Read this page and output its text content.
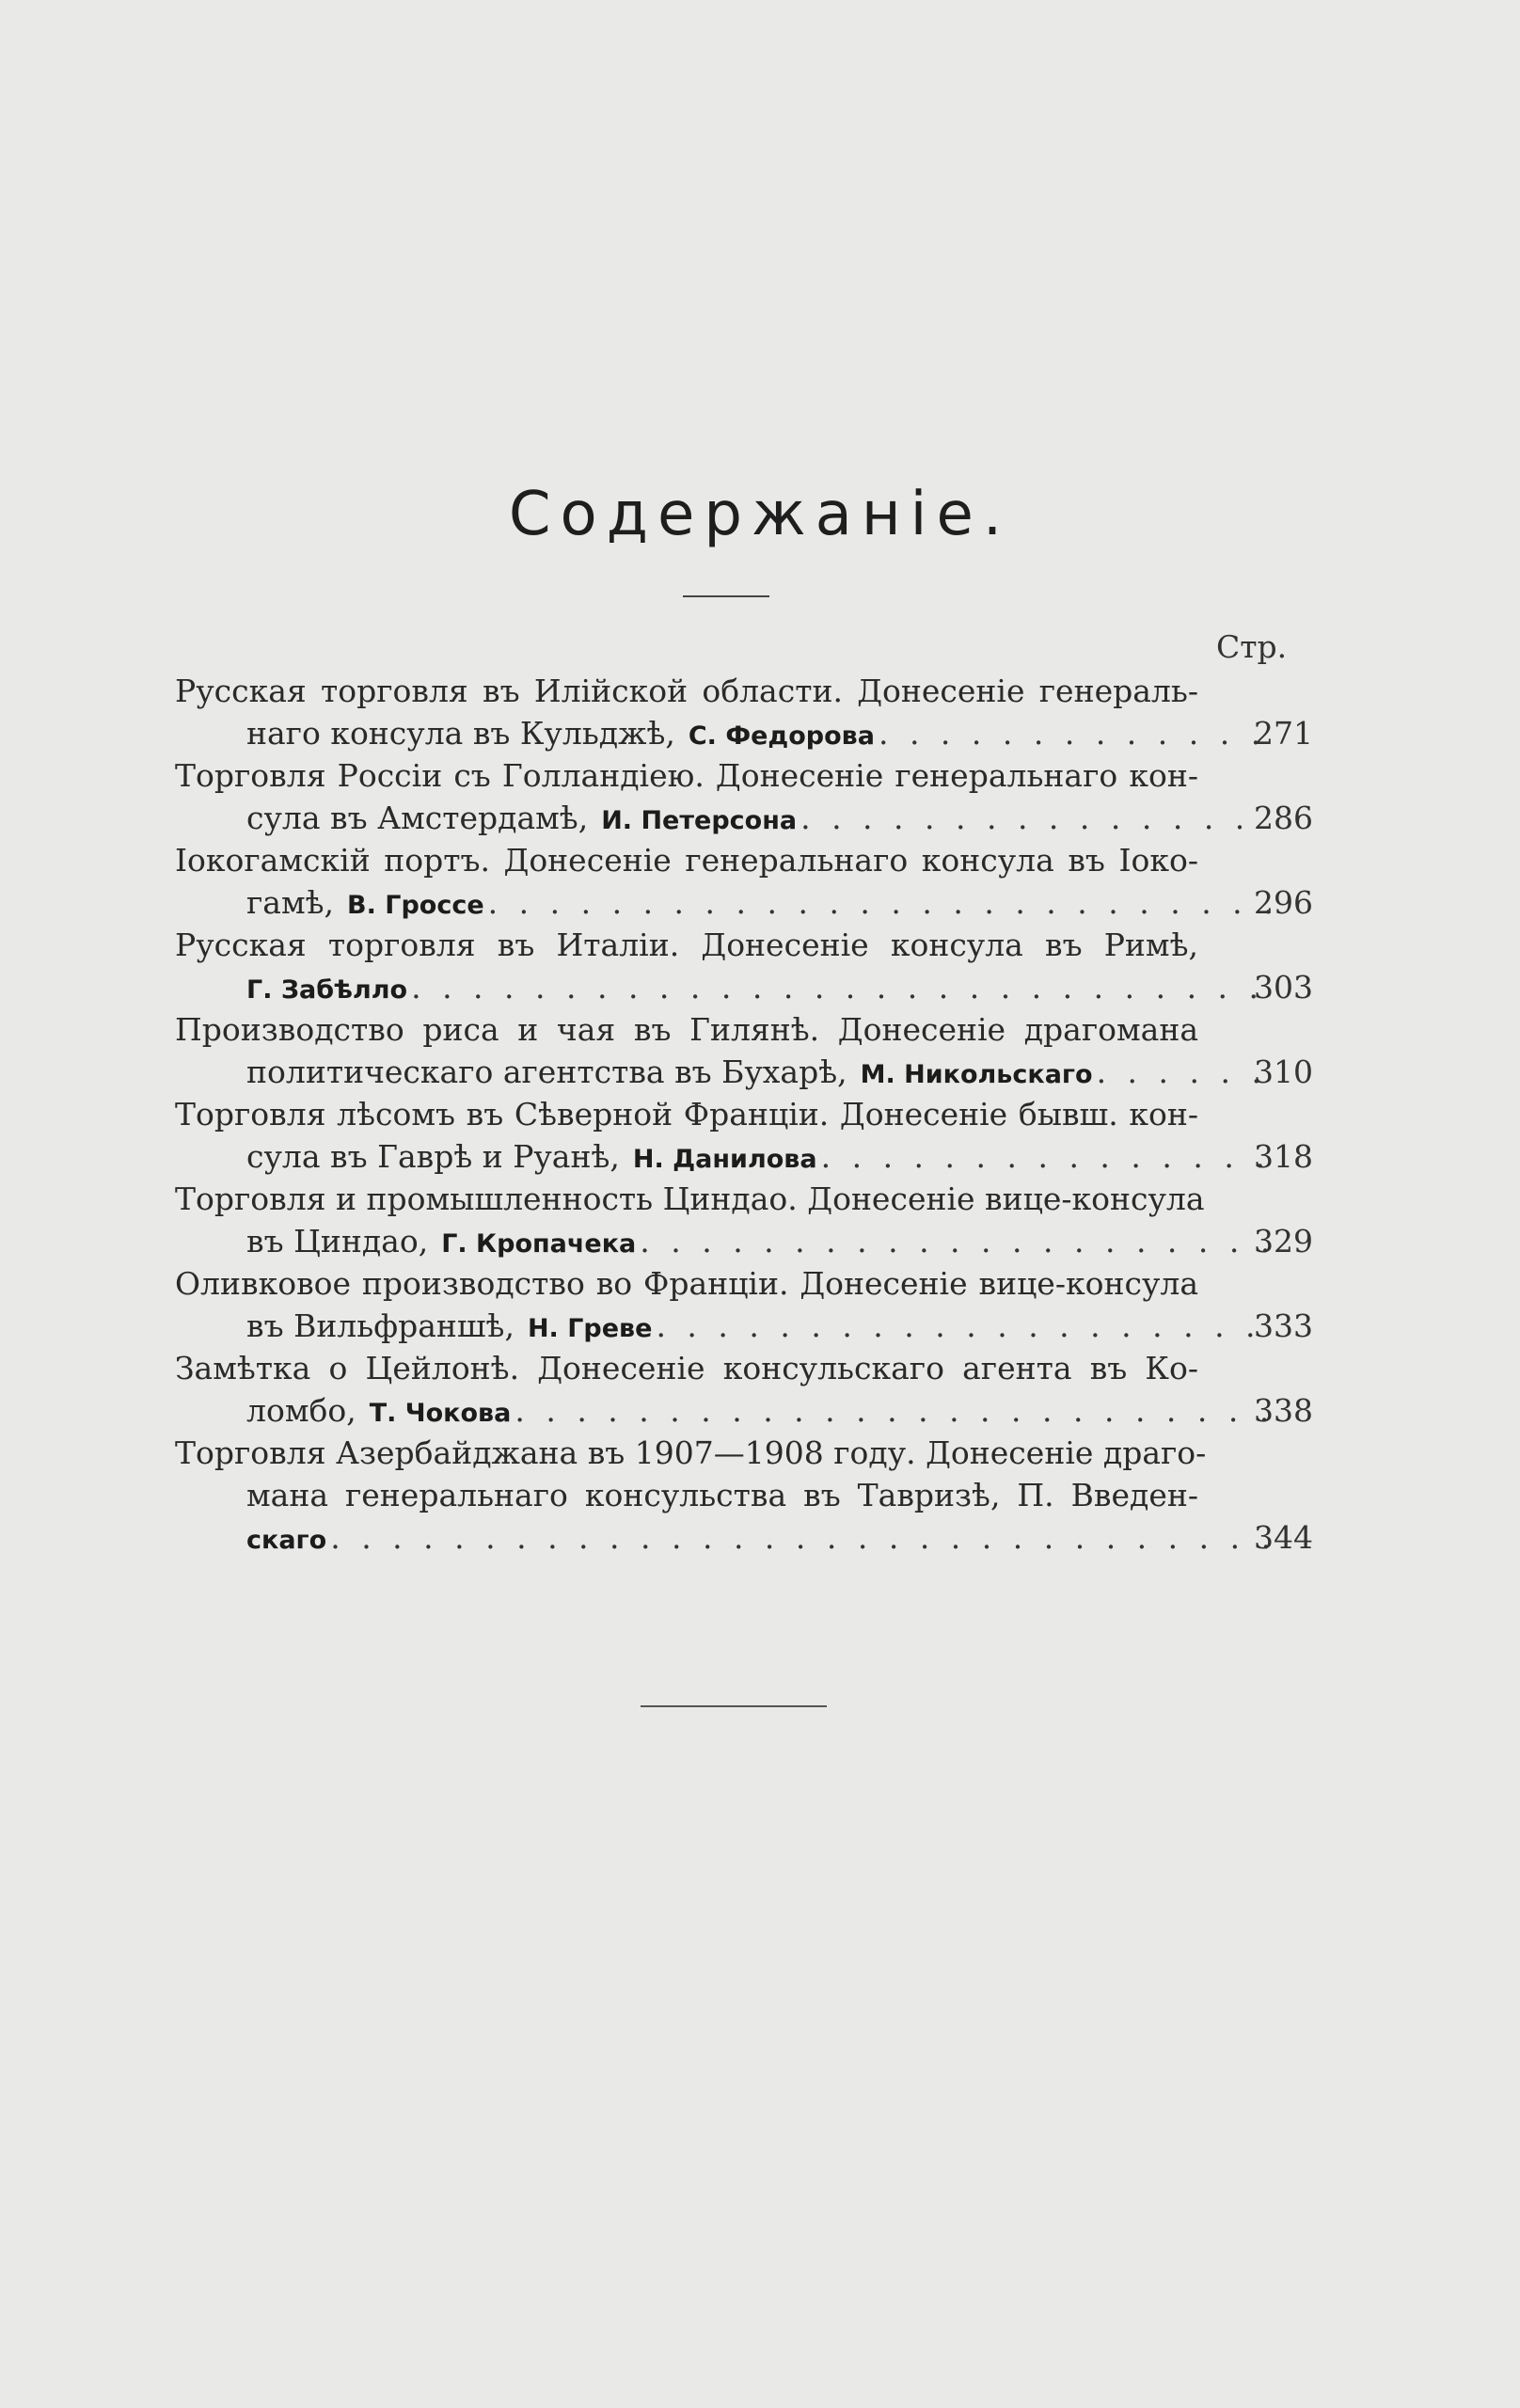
Содержаніе.
Стр.
Русская торговля въ Илійской области. Донесеніе генераль-
наго консула въ Кульджѣ, С. Федорова . . .	271
Торговля Россіи съ Голландіею. Донесеніе генеральнаго кон-
сула въ Амстердамѣ, И. Петерсона . . .	286
Іокогамскій портъ. Донесеніе генеральнаго консула въ Іоко-
гамѣ, В. Гроссе . . .	296
Русская торговля въ Италіи. Донесеніе консула въ Римѣ,
Г. Забѣлло . . .	303
Производство риса и чая въ Гилянѣ. Донесеніе драгомана
политическаго агентства въ Бухарѣ, М. Никольскаго . . .	310
Торговля лѣсомъ въ Сѣверной Франціи. Донесеніе бывш. кон-
сула въ Гаврѣ и Руанѣ, Н. Данилова . . .	318
Торговля и промышленность Циндао. Донесеніе вице-консула
въ Циндао, Г. Кропачека . . .	329
Оливковое производство во Франціи. Донесеніе вице-консула
въ Вильфраншѣ, Н. Греве . . .	333
Замѣтка о Цейлонѣ. Донесеніе консульскаго агента въ Ко-
ломбо, Т. Чокова . . .	338
Торговля Азербайджана въ 1907—1908 году. Донесеніе драго-
мана генеральнаго консульства въ Тавризѣ, П. Введен-
скаго . . .	344
